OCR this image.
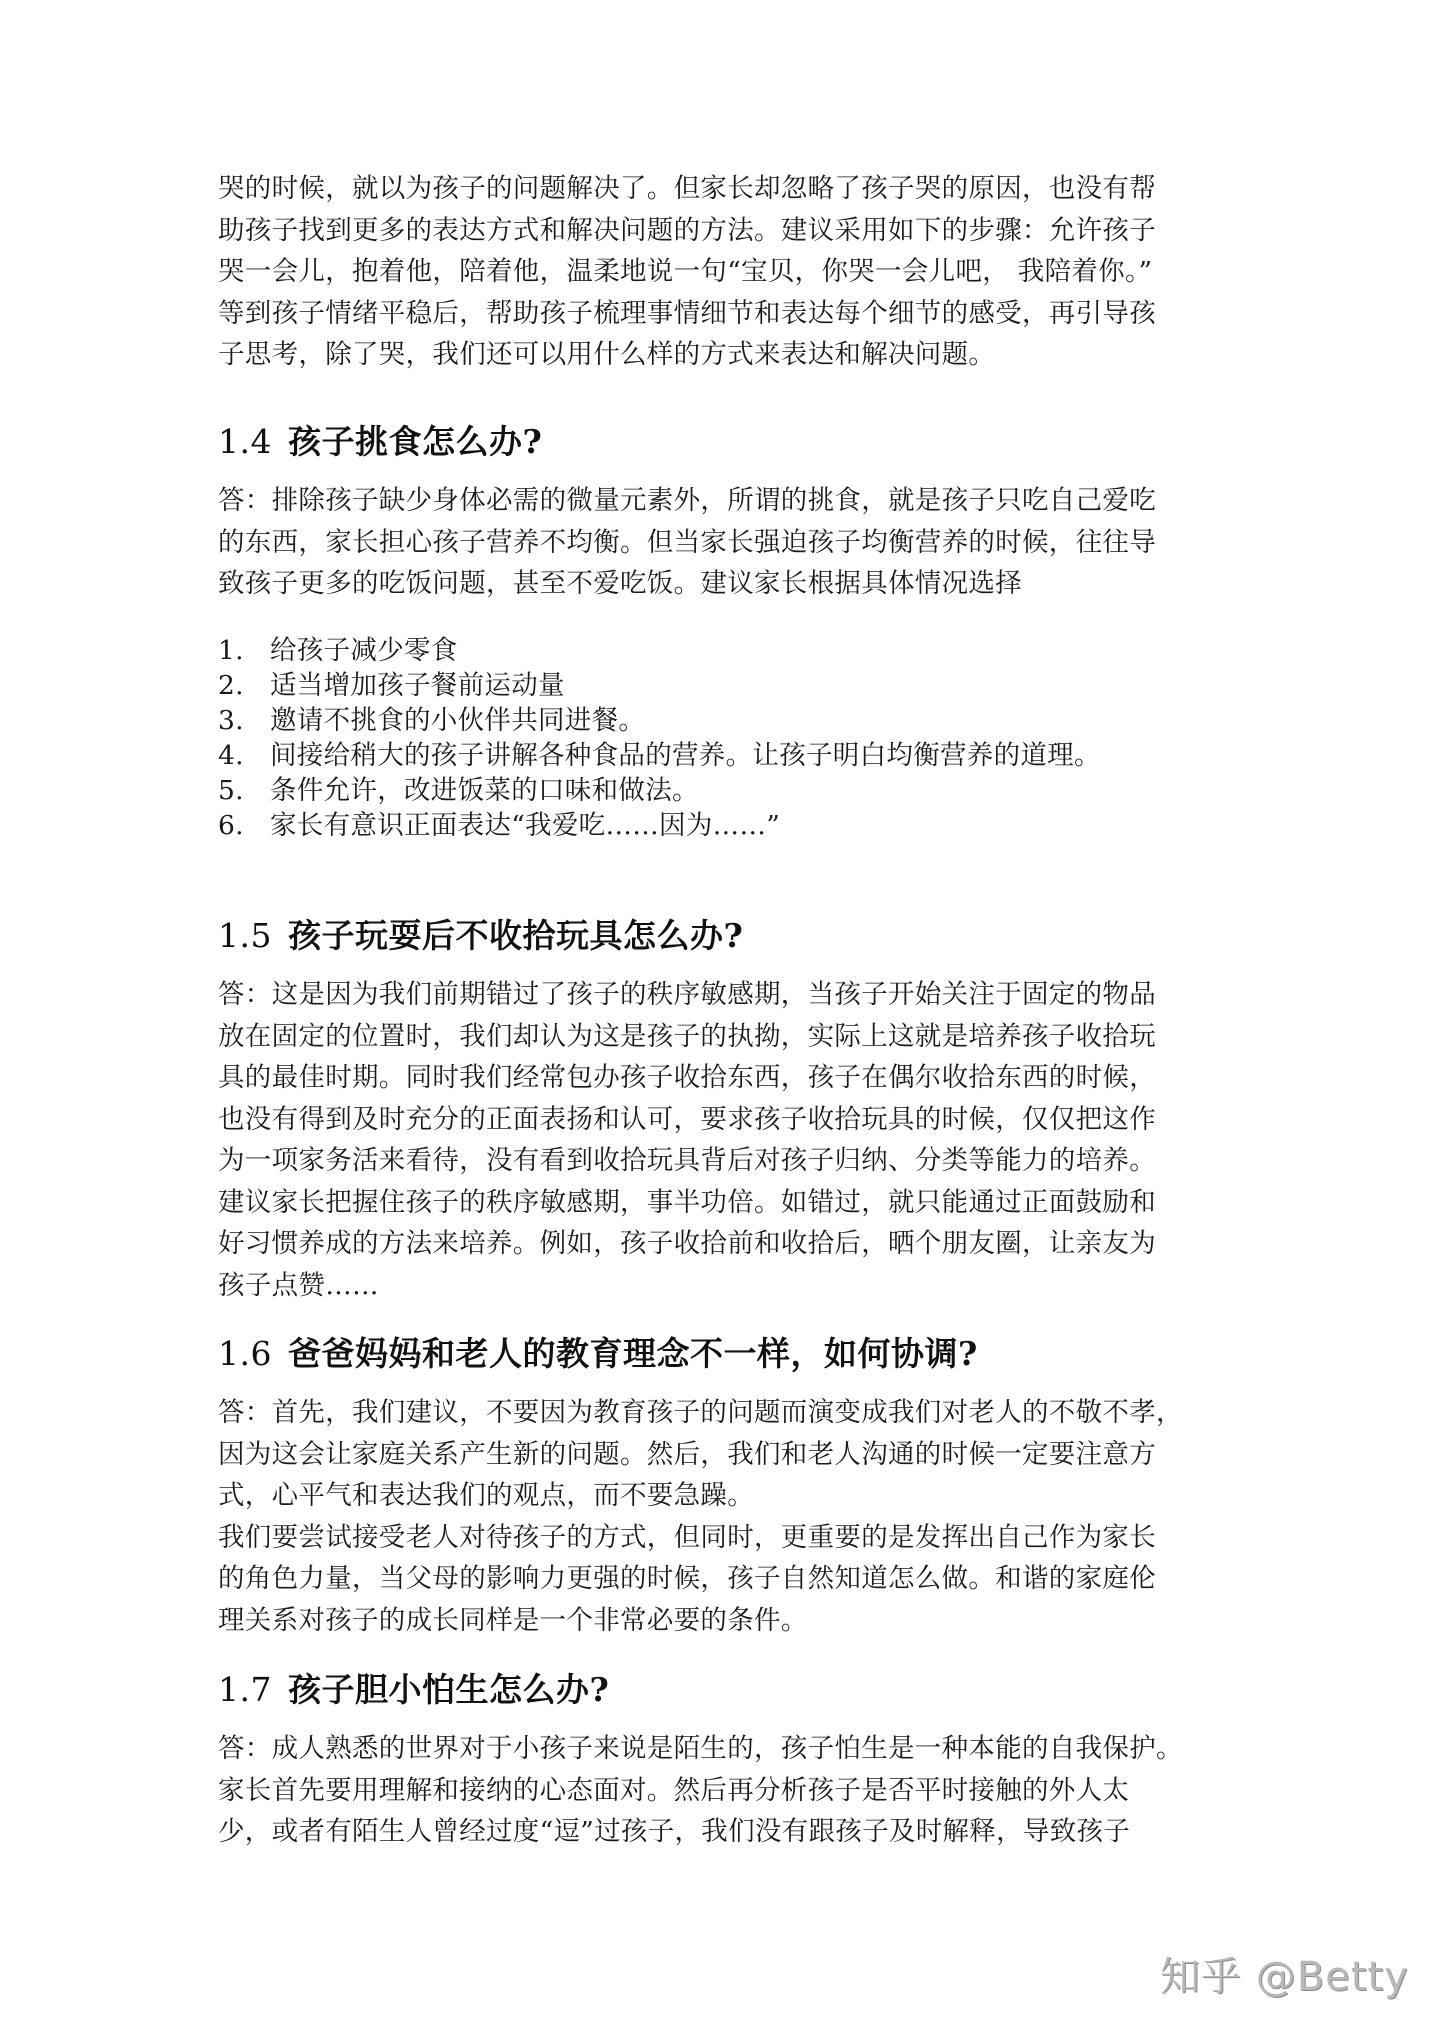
哭的时候，就以为孩子的问题解决了。但家长却忽略了孩子哭的原因，也没有帮
助孩子找到更多的表达方式和解决问题的方法。建议采用如下的步骤：允许孩子
哭一会儿，抱着他，陪着他，温柔地说一句“宝贝，你哭一会儿吧， 我陪着你。”
等到孩子情绪平稳后，帮助孩子梳理事情细节和表达每个细节的感受，再引导孩
子思考，除了哭，我们还可以用什么样的方式来表达和解决问题。

1.4 孩子挑食怎么办?

答：排除孩子缺少身体必需的微量元素外，所谓的挑食，就是孩子只吃自己爱吃
的东西，家长担心孩子营养不均衡。但当家长强迫孩子均衡营养的时候，往往导
致孩子更多的吃饭问题，甚至不爱吃饭。建议家长根据具体情况选择

1. 给孩子减少零食
2. 适当增加孩子餐前运动量
3. 邀请不挑食的小伙伴共同进餐。
4. 间接给稍大的孩子讲解各种食品的营养。让孩子明白均衡营养的道理。
5. 条件允许，改进饭菜的口味和做法。
6. 家长有意识正面表达“我爱吃……因为……”
1.5 孩子玩耍后不收拾玩具怎么办?

答：这是因为我们前期错过了孩子的秩序敏感期，当孩子开始关注于固定的物品
放在固定的位置时，我们却认为这是孩子的执拗，实际上这就是培养孩子收拾玩
具的最佳时期。同时我们经常包办孩子收拾东西，孩子在偶尔收拾东西的时候，
也没有得到及时充分的正面表扬和认可，要求孩子收拾玩具的时候，仅仅把这作
为一项家务活来看待，没有看到收拾玩具背后对孩子归纳、分类等能力的培养。
建议家长把握住孩子的秩序敏感期，事半功倍。如错过，就只能通过正面鼓励和
好习惯养成的方法来培养。例如，孩子收拾前和收拾后，晒个朋友圈，让亲友为
孩子点赞……

1.6 爸爸妈妈和老人的教育理念不一样，如何协调?

答：首先，我们建议，不要因为教育孩子的问题而演变成我们对老人的不敬不孝，
因为这会让家庭关系产生新的问题。然后，我们和老人沟通的时候一定要注意方
式，心平气和表达我们的观点，而不要急躁。
我们要尝试接受老人对待孩子的方式，但同时，更重要的是发挥出自己作为家长
的角色力量，当父母的影响力更强的时候，孩子自然知道怎么做。和谐的家庭伦
理关系对孩子的成长同样是一个非常必要的条件。

1.7 孩子胆小怕生怎么办?

答：成人熟悉的世界对于小孩子来说是陌生的，孩子怕生是一种本能的自我保护。
家长首先要用理解和接纳的心态面对。然后再分析孩子是否平时接触的外人太
少，或者有陌生人曾经过度“逗”过孩子，我们没有跟孩子及时解释，导致孩子

知乎 @Betty
